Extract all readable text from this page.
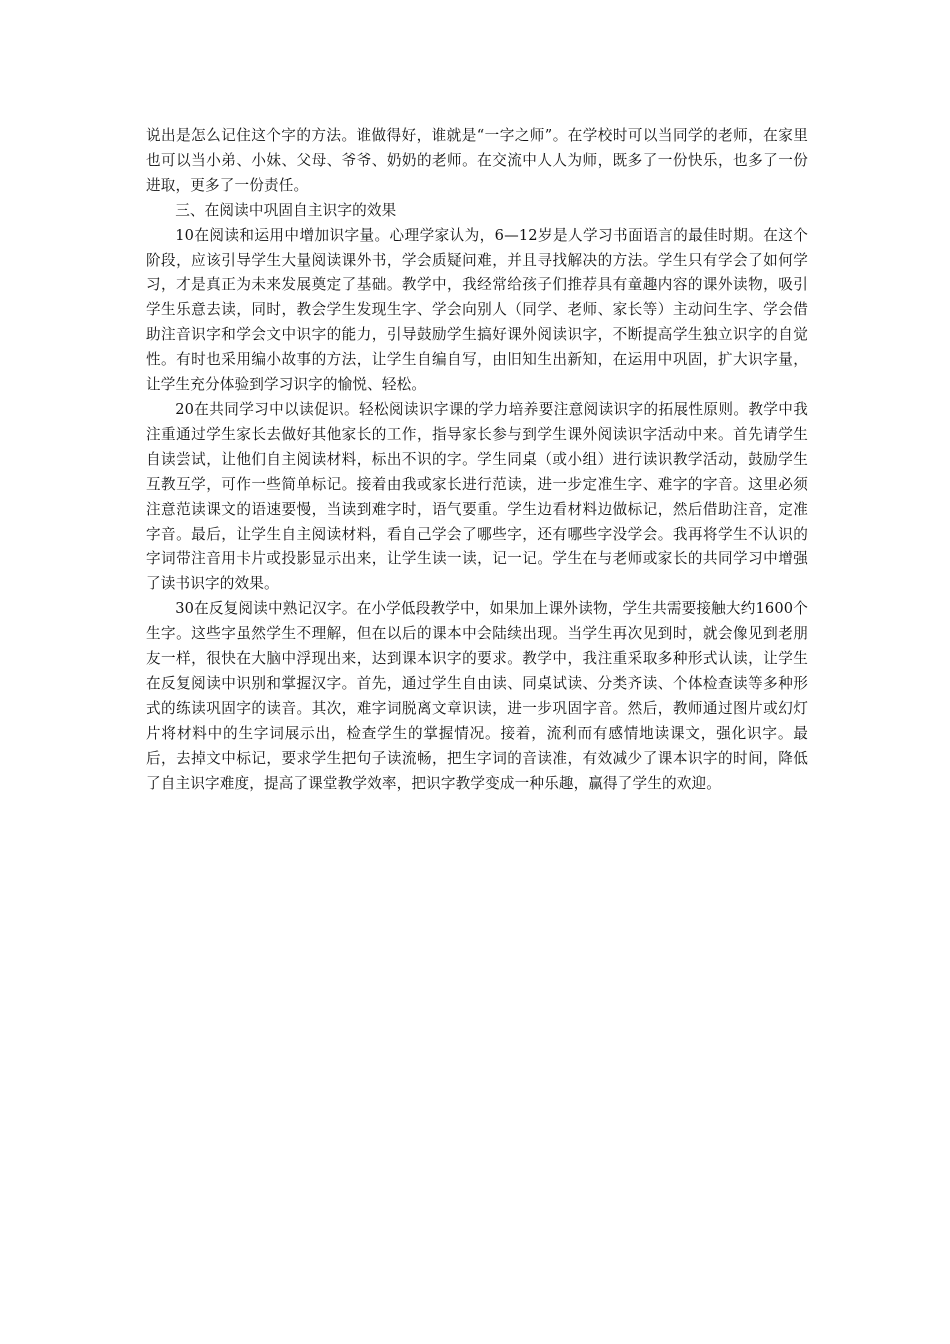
说出是怎么记住这个字的方法。谁做得好，谁就是“一字之师”。在学校时可以当同学的老师，在家里也可以当小弟、小妹、父母、爷爷、奶奶的老师。在交流中人人为师，既多了一份快乐，也多了一份进取，更多了一份责任。

三、在阅读中巩固自主识字的效果

10在阅读和运用中增加识字量。心理学家认为，6—12岁是人学习书面语言的最佳时期。在这个阶段，应该引导学生大量阅读课外书，学会质疑问难，并且寻找解决的方法。学生只有学会了如何学习，才是真正为未来发展奠定了基础。教学中，我经常给孩子们推荐具有童趣内容的课外读物，吸引学生乐意去读，同时，教会学生发现生字、学会向别人（同学、老师、家长等）主动问生字、学会借助注音识字和学会文中识字的能力，引导鼓励学生搞好课外阅读识字，不断提高学生独立识字的自觉性。有时也采用编小故事的方法，让学生自编自写，由旧知生出新知，在运用中巩固，扩大识字量，让学生充分体验到学习识字的愉悦、轻松。

20在共同学习中以读促识。轻松阅读识字课的学力培养要注意阅读识字的拓展性原则。教学中我注重通过学生家长去做好其他家长的工作，指导家长参与到学生课外阅读识字活动中来。首先请学生自读尝试，让他们自主阅读材料，标出不识的字。学生同桌（或小组）进行读识教学活动，鼓励学生互教互学，可作一些简单标记。接着由我或家长进行范读，进一步定准生字、难字的字音。这里必须注意范读课文的语速要慢，当读到难字时，语气要重。学生边看材料边做标记，然后借助注音，定准字音。最后，让学生自主阅读材料，看自己学会了哪些字，还有哪些字没学会。我再将学生不认识的字词带注音用卡片或投影显示出来，让学生读一读，记一记。学生在与老师或家长的共同学习中增强了读书识字的效果。

30在反复阅读中熟记汉字。在小学低段教学中，如果加上课外读物，学生共需要接触大约1600个生字。这些字虽然学生不理解，但在以后的课本中会陆续出现。当学生再次见到时，就会像见到老朋友一样，很快在大脑中浮现出来，达到课本识字的要求。教学中，我注重采取多种形式认读，让学生在反复阅读中识别和掌握汉字。首先，通过学生自由读、同桌试读、分类齐读、个体检查读等多种形式的练读巩固字的读音。其次，难字词脱离文章识读，进一步巩固字音。然后，教师通过图片或幻灯片将材料中的生字词展示出，检查学生的掌握情况。接着，流利而有感情地读课文，强化识字。最后，去掉文中标记，要求学生把句子读流畅，把生字词的音读准，有效减少了课本识字的时间，降低了自主识字难度，提高了课堂教学效率，把识字教学变成一种乐趣，赢得了学生的欢迎。
